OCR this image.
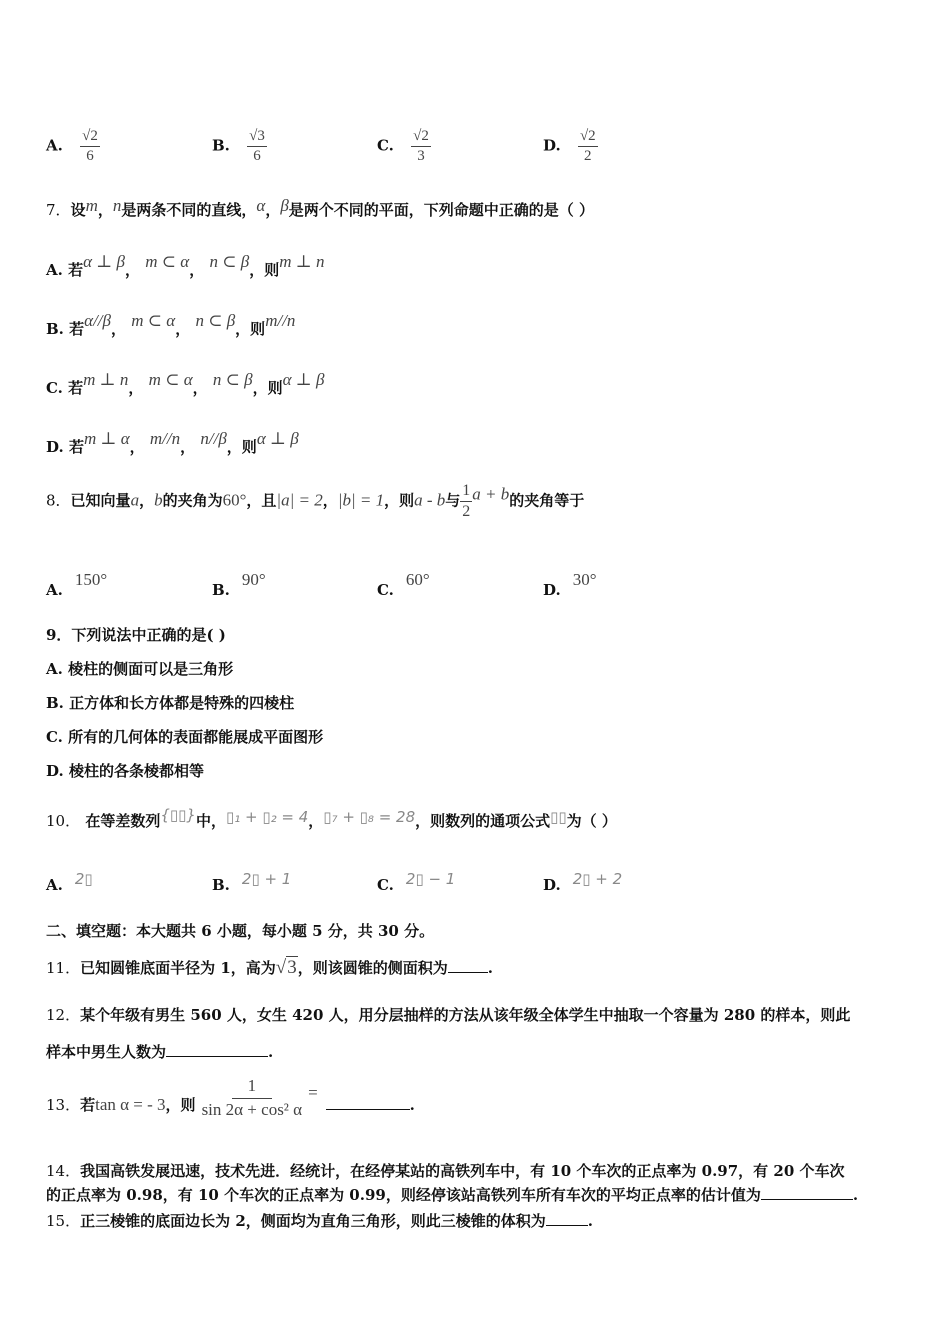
A. $\frac{√2}{6}$	B. $\frac{√3}{6}$	C. $\frac{√2}{3}$	D. $\frac{√2}{2}$
7．设m，n是两条不同的直线，α，β是两个不同的平面，下列命题中正确的是（ ）
A. 若α ⊥ β， m ⊂ α， n ⊂ β，则m ⊥ n
B. 若α//β， m ⊂ α， n ⊂ β，则m//n
C. 若m ⊥ n， m ⊂ α， n ⊂ β，则α ⊥ β
D. 若m ⊥ α， m//n， n//β，则α ⊥ β
8．已知向量a，b的夹角为60°，且|a| = 2，|b| = 1，则a - b与 $\frac{1}{2}$ a + b的夹角等于
A.150°
B.90°
C.60°
D.30°
9．下列说法中正确的是( )
A. 棱柱的侧面可以是三角形
B. 正方体和长方体都是特殊的四棱柱
C. 所有的几何体的表面都能展成平面图形
D. 棱柱的各条棱都相等
10． 在等差数列{▯▯}中，▯₁ + ▯₂ = 4，▯₇ + ▯₈ = 28，则数列的通项公式▯▯为（ ）
A. 2▯	B. 2▯ + 1	C. 2▯ − 1	D. 2▯ + 2
二、填空题：本大题共 6 小题，每小题 5 分，共 30 分。
11．已知圆锥底面半径为 1，高为√3，则该圆锥的侧面积为	.
12．某个年级有男生 560 人，女生 420 人，用分层抽样的方法从该年级全体学生中抽取一个容量为 280 的样本，则此
样本中男生人数为	.
13．若tan α = - 3，则 $\frac{1}{\text{sin 2α + cos² α}}$ =.
14．我国高铁发展迅速，技术先进．经统计，在经停某站的高铁列车中，有 10 个车次的正点率为 0.97，有 20 个车次
的正点率为 0.98，有 10 个车次的正点率为 0.99，则经停该站高铁列车所有车次的平均正点率的估计值为	.
15．正三棱锥的底面边长为 2，侧面均为直角三角形，则此三棱锥的体积为	.
